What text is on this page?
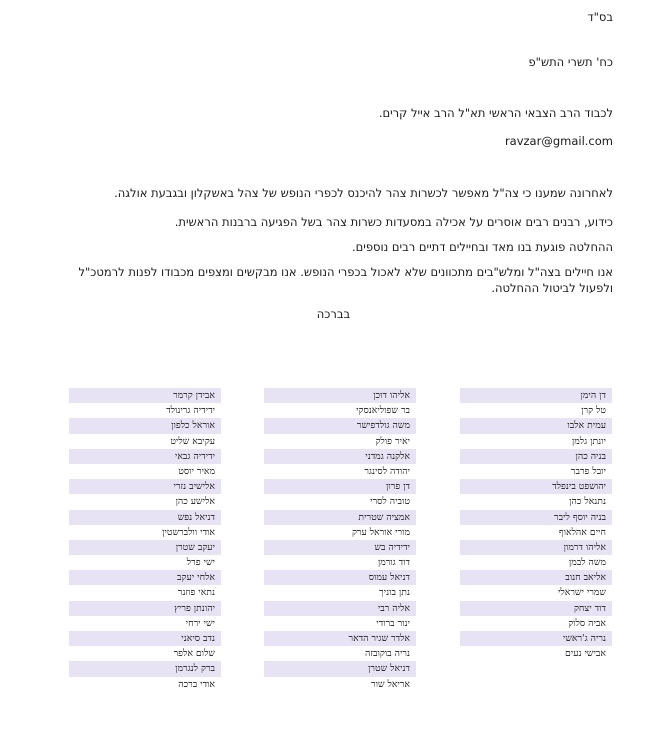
בס"ד
כח' תשרי התש"פ
לכבוד הרב הצבאי הראשי תא"ל הרב אייל קרים.
ravzar@gmail.com
לאחרונה שמענו כי צה"ל מאפשר לכשרות צהר להיכנס לכפרי הנופש של צהל באשקלון ובגבעת אולגה.
כידוע, רבנים רבים אוסרים על אכילה במסעדות כשרות צהר בשל הפגיעה ברבנות הראשית.
ההחלטה פוגעת בנו מאד ובחיילים דתיים רבים נוספים.
אנו חיילים בצה"ל ומלש"בים מתכוונים שלא לאכול בכפרי הנופש. אנו מבקשים ומצפים מכבודו לפנות לרמטכ"ל ולפעול לביטול ההחלטה.
בברכה
דן הימן
טל קרן
עמית אלבו
יונתן גלמן
בניה כהן
יובל פרבר
יהושפט בינפלד
נתנאל כהן
בניה יוסף ליבר
חיים אהלאוף
אליהו דרמון
משה לבמן
אליאב חנוב
שמרי ישראלי
דוד יצחק
אביה סלוק
נריה ג'ראשי
אבישי נעים
אליהו דוכן
בר שפוליאנסקי
משה גולדפישר
יאיר פולק
אלקנה גמדני
יהודה לסינגר
דן פרון
טוביה לסרי
אמציה שטרית
מורי אוראל ערק
ידידיה בש
דוד גורמן
דניאל עמוס
נתן בוניך
אליה רבי
ינור ברודי
אלדר שגיר הדאר
נריה בוקובזה
דניאל שטרן
אריאל שור
אבידן קרמר
ידידיה גרינולד
אוראל כלפון
עקיבא שליט
ידידיה גבאי
מאיר יוסט
אלישיב נזרי
אלישע כהן
דניאל נפש
אודי וולברשטין
יעקב שטרן
ישי פרל
אלחי יעקב
נתאי פוזנר
יהונתן פריץ
ישי ירחי
נדב סיאני
שלום אלפר
ברק לנגרמן
אודי ברכה
